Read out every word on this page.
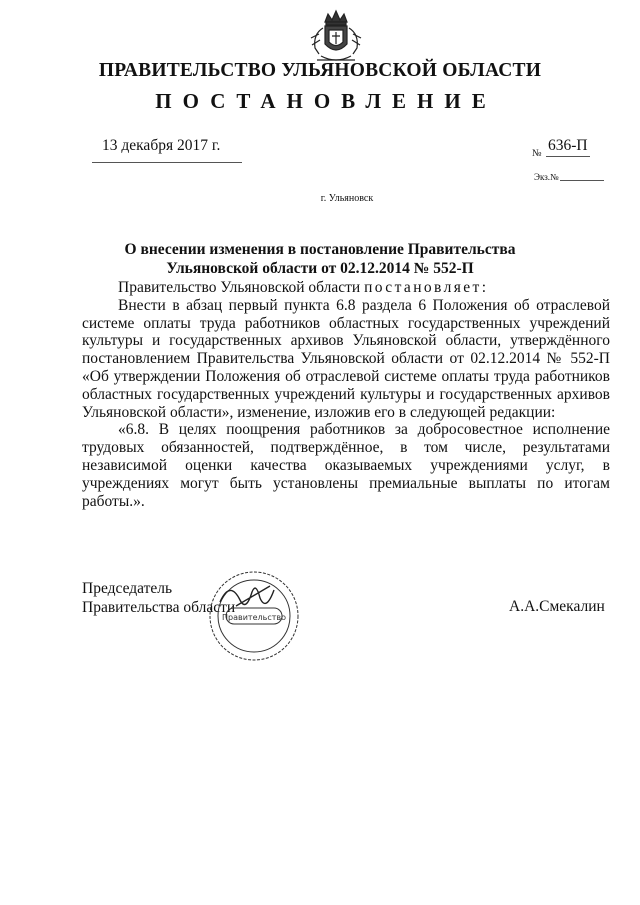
ПРАВИТЕЛЬСТВО УЛЬЯНОВСКОЙ ОБЛАСТИ
ПОСТАНОВЛЕНИЕ
13 декабря 2017 г.	№ 636-П
Экз.№
г. Ульяновск
О внесении изменения в постановление Правительства
Ульяновской области от 02.12.2014 № 552-П

Правительство Ульяновской области постановляет:

Внести в абзац первый пункта 6.8 раздела 6 Положения об отраслевой системе оплаты труда работников областных государственных учреждений культуры и государственных архивов Ульяновской области, утверждённого постановлением Правительства Ульяновской области от 02.12.2014 № 552-П «Об утверждении Положения об отраслевой системе оплаты труда работников областных государственных учреждений культуры и государственных архивов Ульяновской области», изменение, изложив его в следующей редакции:

«6.8. В целях поощрения работников за добросовестное исполнение трудовых обязанностей, подтверждённое, в том числе, результатами независимой оценки качества оказываемых учреждениями услуг, в учреждениях могут быть установлены премиальные выплаты по итогам работы.».

Председатель
Правительства области	А.А.Смекалин
Правительство
